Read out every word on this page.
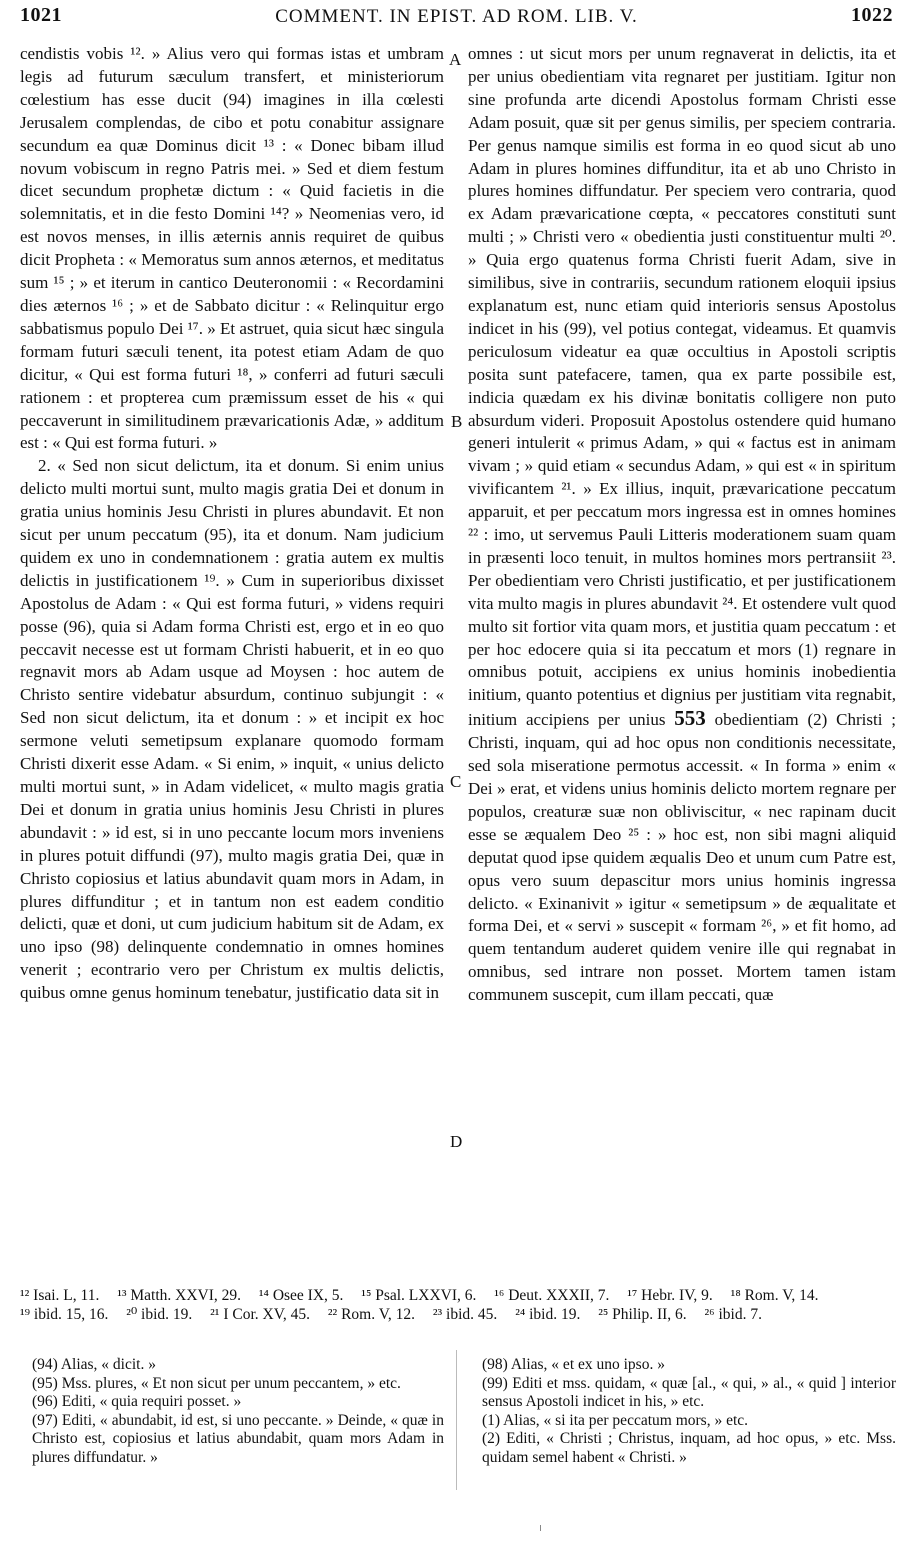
1021	COMMENT. IN EPIST. AD ROM. LIB. V.	1022

cendistis vobis ¹². » Alius vero qui formas istas et umbram legis ad futurum sæculum transfert, et ministeriorum cœlestium has esse ducit (94) imagines in illa cœlesti Jerusalem complendas, de cibo et potu conabitur assignare secundum ea quæ Dominus dicit ¹³ : « Donec bibam illud novum vobiscum in regno Patris mei. » Sed et diem festum dicet secundum prophetæ dictum : « Quid facietis in die solemnitatis, et in die festo Domini ¹⁴? » Neomenias vero, id est novos menses, in illis æternis annis requiret de quibus dicit Propheta : « Memoratus sum annos æternos, et meditatus sum ¹⁵ ; » et iterum in cantico Deuteronomii : « Recordamini dies æternos ¹⁶ ; » et de Sabbato dicitur : « Relinquitur ergo sabbatismus populo Dei ¹⁷. » Et astruet, quia sicut hæc singula formam futuri sæculi tenent, ita potest etiam Adam de quo dicitur, « Qui est forma futuri ¹⁸, » conferri ad futuri sæculi rationem : et propterea cum præmissum esset de his « qui peccaverunt in similitudinem prævaricationis Adæ, » additum est : « Qui est forma futuri. »

2. « Sed non sicut delictum, ita et donum. Si enim unius delicto multi mortui sunt, multo magis gratia Dei et donum in gratia unius hominis Jesu Christi in plures abundavit. Et non sicut per unum peccatum (95), ita et donum. Nam judicium quidem ex uno in condemnationem : gratia autem ex multis delictis in justificationem ¹⁹. » Cum in superioribus dixisset Apostolus de Adam : « Qui est forma futuri, » videns requiri posse (96), quia si Adam forma Christi est, ergo et in eo quo peccavit necesse est ut formam Christi habuerit, et in eo quo regnavit mors ab Adam usque ad Moysen : hoc autem de Christo sentire videbatur absurdum, continuo subjungit : « Sed non sicut delictum, ita et donum : » et incipit ex hoc sermone veluti semetipsum explanare quomodo formam Christi dixerit esse Adam. « Si enim, » inquit, « unius delicto multi mortui sunt, » in Adam videlicet, « multo magis gratia Dei et donum in gratia unius hominis Jesu Christi in plures abundavit : » id est, si in uno peccante locum mors inveniens in plures potuit diffundi (97), multo magis gratia Dei, quæ in Christo copiosius et latius abundavit quam mors in Adam, in plures diffunditur ; et in tantum non est eadem conditio delicti, quæ et doni, ut cum judicium habitum sit de Adam, ex uno ipso (98) delinquente condemnatio in omnes homines venerit ; econtrario vero per Christum ex multis delictis, quibus omne genus hominum tenebatur, justificatio data sit in

A
B
C
D

omnes : ut sicut mors per unum regnaverat in delictis, ita et per unius obedientiam vita regnaret per justitiam. Igitur non sine profunda arte dicendi Apostolus formam Christi esse Adam posuit, quæ sit per genus similis, per speciem contraria. Per genus namque similis est forma in eo quod sicut ab uno Adam in plures homines diffunditur, ita et ab uno Christo in plures homines diffundatur. Per speciem vero contraria, quod ex Adam prævaricatione cœpta, « peccatores constituti sunt multi ; » Christi vero « obedientia justi constituentur multi ²⁰. » Quia ergo quatenus forma Christi fuerit Adam, sive in similibus, sive in contrariis, secundum rationem eloquii ipsius explanatum est, nunc etiam quid interioris sensus Apostolus indicet in his (99), vel potius contegat, videamus. Et quamvis periculosum videatur ea quæ occultius in Apostoli scriptis posita sunt patefacere, tamen, qua ex parte possibile est, indicia quædam ex his divinæ bonitatis colligere non puto absurdum videri. Proposuit Apostolus ostendere quid humano generi intulerit « primus Adam, » qui « factus est in animam vivam ; » quid etiam « secundus Adam, » qui est « in spiritum vivificantem ²¹. » Ex illius, inquit, prævaricatione peccatum apparuit, et per peccatum mors ingressa est in omnes homines ²² : imo, ut servemus Pauli Litteris moderationem suam quam in præsenti loco tenuit, in multos homines mors pertransiit ²³. Per obedientiam vero Christi justificatio, et per justificationem vita multo magis in plures abundavit ²⁴. Et ostendere vult quod multo sit fortior vita quam mors, et justitia quam peccatum : et per hoc edocere quia si ita peccatum et mors (1) regnare in omnibus potuit, accipiens ex unius hominis inobedientia initium, quanto potentius et dignius per justitiam vita regnabit, initium accipiens per unius 553 obedientiam (2) Christi ; Christi, inquam, qui ad hoc opus non conditionis necessitate, sed sola miseratione permotus accessit. « In forma » enim « Dei » erat, et videns unius hominis delicto mortem regnare per populos, creaturæ suæ non obliviscitur, « nec rapinam ducit esse se æqualem Deo ²⁵ : » hoc est, non sibi magni aliquid deputat quod ipse quidem æqualis Deo et unum cum Patre est, opus vero suum depascitur mors unius hominis ingressa delicto. « Exinanivit » igitur « semetipsum » de æqualitate et forma Dei, et « servi » suscepit « formam ²⁶, » et fit homo, ad quem tentandum auderet quidem venire ille qui regnabat in omnibus, sed intrare non posset. Mortem tamen istam communem suscepit, cum illam peccati, quæ

¹² Isai. L, 11. ¹³ Matth. XXVI, 29. ¹⁴ Osee IX, 5. ¹⁵ Psal. LXXVI, 6. ¹⁶ Deut. XXXII, 7. ¹⁷ Hebr. IV, 9. ¹⁸ Rom. V, 14. ¹⁹ ibid. 15, 16. ²⁰ ibid. 19. ²¹ I Cor. XV, 45. ²² Rom. V, 12. ²³ ibid. 45. ²⁴ ibid. 19. ²⁵ Philip. II, 6. ²⁶ ibid. 7.
(94) Alias, « dicit. »
(95) Mss. plures, « Et non sicut per unum peccantem, » etc.
(96) Editi, « quia requiri posset. »
(97) Editi, « abundabit, id est, si uno peccante. » Deinde, « quæ in Christo est, copiosius et latius abundabit, quam mors Adam in plures diffundatur. »
(98) Alias, « et ex uno ipso. »
(99) Editi et mss. quidam, « quæ [al., « qui, » al., « quid ] interior sensus Apostoli indicet in his, » etc.
(1) Alias, « si ita per peccatum mors, » etc.
(2) Editi, « Christi ; Christus, inquam, ad hoc opus, » etc. Mss. quidam semel habent « Christi. »
